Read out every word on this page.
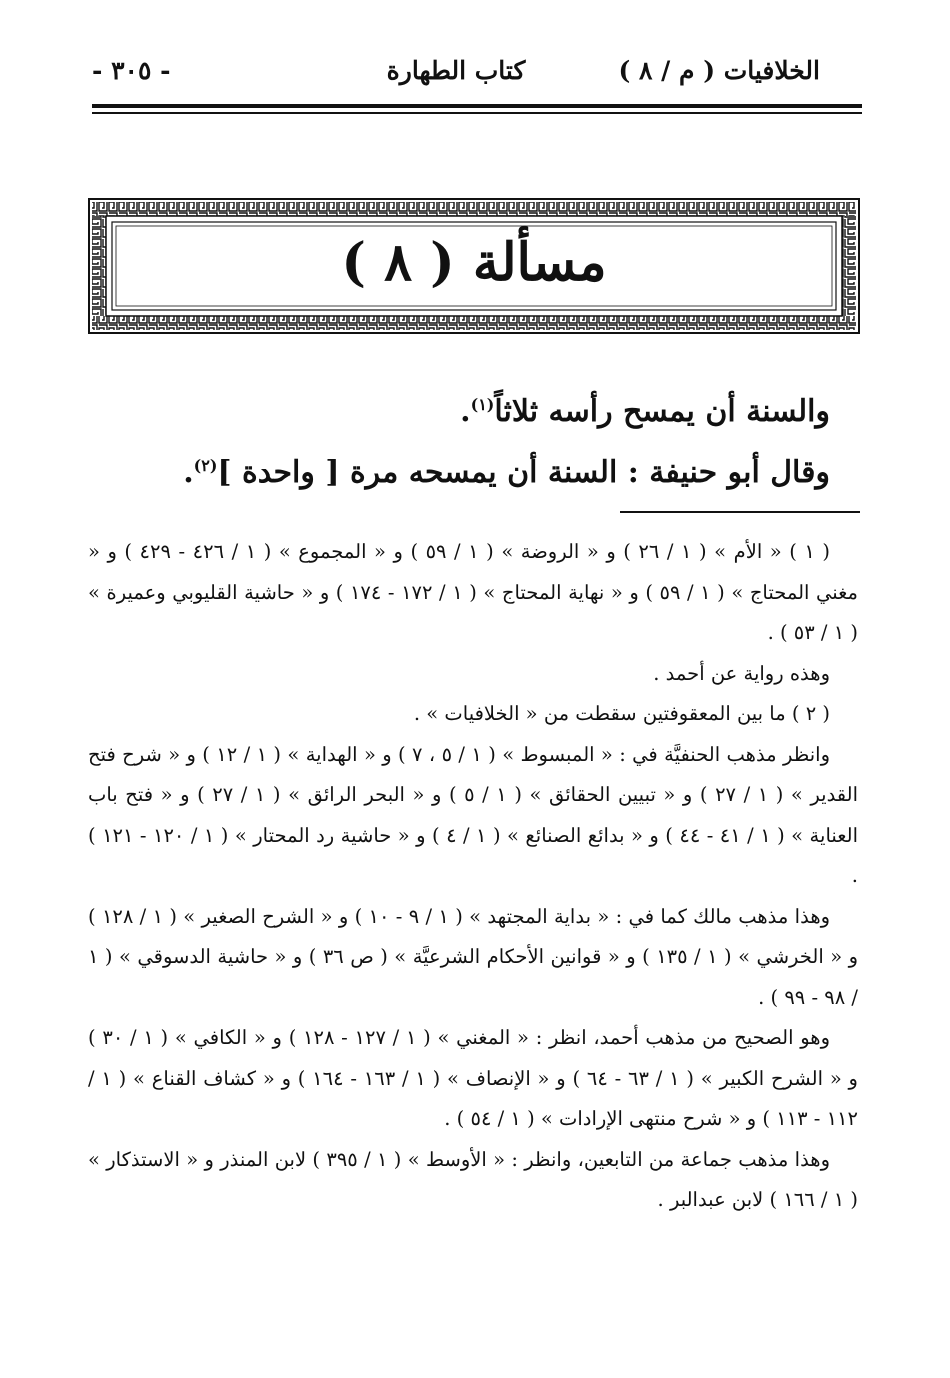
الخلافيات ( م / ٨ )
كتاب الطهارة
- ٣٠٥ -
مسألة ( ٨ )
والسنة أن يمسح رأسه ثلاثاً$^{(١)}$.
وقال أبو حنيفة : السنة أن يمسحه مرة [ واحدة ]$^{(٢)}$.

( ١ ) « الأم » ( ١ / ٢٦ ) و « الروضة » ( ١ / ٥٩ ) و « المجموع » ( ١ / ٤٢٦ - ٤٢٩ ) و « مغني المحتاج » ( ١ / ٥٩ ) و « نهاية المحتاج » ( ١ / ١٧٢ - ١٧٤ ) و « حاشية القليوبي وعميرة » ( ١ / ٥٣ ) .

وهذه رواية عن أحمد .

( ٢ ) ما بين المعقوفتين سقطت من « الخلافيات » .

وانظر مذهب الحنفيَّة في : « المبسوط » ( ١ / ٥ ، ٧ ) و « الهداية » ( ١ / ١٢ ) و « شرح فتح القدير » ( ١ / ٢٧ ) و « تبيين الحقائق » ( ١ / ٥ ) و « البحر الرائق » ( ١ / ٢٧ ) و « فتح باب العناية » ( ١ / ٤١ - ٤٤ ) و « بدائع الصنائع » ( ١ / ٤ ) و « حاشية رد المحتار » ( ١ / ١٢٠ - ١٢١ ) .

وهذا مذهب مالك كما في : « بداية المجتهد » ( ١ / ٩ - ١٠ ) و « الشرح الصغير » ( ١ / ١٢٨ ) و « الخرشي » ( ١ / ١٣٥ ) و « قوانين الأحكام الشرعيَّة » ( ص ٣٦ ) و « حاشية الدسوقي » ( ١ / ٩٨ - ٩٩ ) .

وهو الصحيح من مذهب أحمد، انظر : « المغني » ( ١ / ١٢٧ - ١٢٨ ) و « الكافي » ( ١ / ٣٠ ) و « الشرح الكبير » ( ١ / ٦٣ - ٦٤ ) و « الإنصاف » ( ١ / ١٦٣ - ١٦٤ ) و « كشاف القناع » ( ١ / ١١٢ - ١١٣ ) و « شرح منتهى الإرادات » ( ١ / ٥٤ ) .

وهذا مذهب جماعة من التابعين، وانظر : « الأوسط » ( ١ / ٣٩٥ ) لابن المنذر و « الاستذكار » ( ١ / ١٦٦ ) لابن عبدالبر .
